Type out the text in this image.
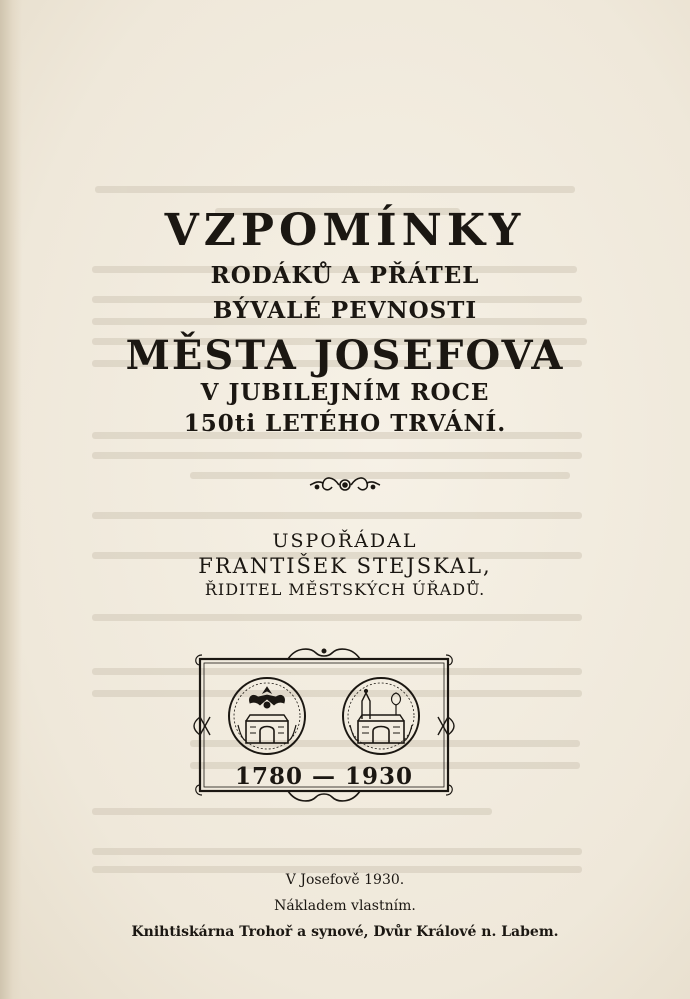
VZPOMÍNKY
RODÁKŮ A PŘÁTEL
BÝVALÉ PEVNOSTI
MĚSTA JOSEFOVA
V JUBILEJNÍM ROCE
150ti LETÉHO TRVÁNÍ.
USPOŘÁDAL
FRANTIŠEK STEJSKAL,
ŘIDITEL MĚSTSKÝCH ÚŘADŮ.
1780 — 1930
V Josefově 1930.
Nákladem vlastním.
Knihtiskárna Trohoř a synové, Dvůr Králové n. Labem.
